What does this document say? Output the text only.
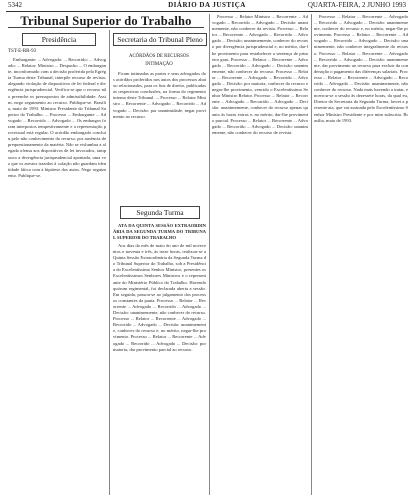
5342	DIÁRIO DA JUSTIÇA	QUARTA-FEIRA, 2 JUNHO 1993
Tribunal Superior do Trabalho
Presidência
TST-E-RR-93

Embargante: ... Advogado: ... Recorrido: ... Advogado: ... Relator: Ministro ... Despacho ... O embargante, inconformado com a decisão proferida pela Egrégia Turma deste Tribunal, interpõe recurso de revista, alegando violação de dispositivos de lei federal e divergência jurisprudencial. Verifica-se que o recurso não preenche os pressupostos de admissibilidade. Assim, nego seguimento ao recurso. Publique-se. Brasília, maio de 1993. Ministro Presidente do Tribunal Superior do Trabalho. ... Processo ... Embargante ... Advogado ... Recorrido ... Advogado ... Os embargos foram interpostos tempestivamente e a representação processual está regular. O acórdão embargado concluiu pelo não conhecimento do recurso, por ausência de prequestionamento da matéria. Não se vislumbra a alegada ofensa aos dispositivos de lei invocados, tampouco a divergência jurisprudencial apontada, uma vez que os arestos trazidos à colação não guardam identidade fática com a hipótese dos autos. Nego seguimento. Publique-se.

Secretaria do Tribunal Pleno
ACÓRDÃOS DE RECURSOS
INTIMAÇÃO

Ficam intimadas as partes e seus advogados dos acórdãos proferidos nos autos dos processos abaixo relacionados, para os fins de direito, publicadas as respectivas conclusões, na forma do regimento interno deste Tribunal. ... Processo ... Relator Ministro ... Recorrente ... Advogado ... Recorrido ... Advogado ... Decisão: por unanimidade, negar provimento ao recurso.

Segunda Turma

ATA DA QUINTA SESSÃO EXTRAORDINÁRIA DA SEGUNDA TURMA DO TRIBUNAL SUPERIOR DO TRABALHO

Aos dias do mês de maio do ano de mil novecentos e noventa e três, às treze horas, realizou-se a Quinta Sessão Extraordinária da Segunda Turma do Tribunal Superior do Trabalho, sob a Presidência do Excelentíssimo Senhor Ministro, presentes os Excelentíssimos Senhores Ministros e o representante do Ministério Público do Trabalho. Havendo quórum regimental, foi declarada aberta a sessão. Em seguida, passou-se ao julgamento dos processos constantes da pauta. Processo ... Relator ... Recorrente ... Advogado ... Recorrido ... Advogado ... Decisão: unanimemente, não conhecer do recurso. Processo ... Relator ... Recorrente ... Advogado ... Recorrido ... Advogado ... Decisão: unanimemente, conhecer do recurso e, no mérito, negar-lhe provimento. Processo ... Relator ... Recorrente ... Advogado ... Recorrido ... Advogado ... Decisão: por maioria, dar provimento parcial ao recurso.

Processo ... Relator Ministro ... Recorrente ... Advogado ... Recorrido ... Advogado ... Decisão: unanimemente, não conhecer da revista. Processo ... Relator ... Recorrente ... Advogado ... Recorrido ... Advogado ... Decisão: unanimemente, conhecer do recurso por divergência jurisprudencial e, no mérito, dar-lhe provimento para restabelecer a sentença de primeiro grau. Processo ... Relator ... Recorrente ... Advogado ... Recorrido ... Advogado ... Decisão: unanimemente, não conhecer do recurso. Processo ... Relator ... Recorrente ... Advogado ... Recorrido ... Advogado ... Decisão: por maioria, conhecer do recurso e negar-lhe provimento, vencido o Excelentíssimo Senhor Ministro Relator. Processo ... Relator ... Recorrente ... Advogado ... Recorrido ... Advogado ... Decisão: unanimemente, conhecer do recurso apenas quanto às horas extras e, no mérito, dar-lhe provimento parcial. Processo ... Relator ... Recorrente ... Advogado ... Recorrido ... Advogado ... Decisão: unanimemente, não conhecer do recurso de revista.

Processo ... Relator ... Recorrente ... Advogado ... Recorrido ... Advogado ... Decisão: unanimemente, conhecer do recurso e, no mérito, negar-lhe provimento. Processo ... Relator ... Recorrente ... Advogado ... Recorrido ... Advogado ... Decisão: unanimemente, não conhecer integralmente do recurso. Processo ... Relator ... Recorrente ... Advogado ... Recorrido ... Advogado ... Decisão: unanimemente, dar provimento ao recurso para excluir da condenação o pagamento das diferenças salariais. Processo ... Relator ... Recorrente ... Advogado ... Recorrido ... Advogado ... Decisão: unanimemente, não conhecer do recurso. Nada mais havendo a tratar, encerrou-se a sessão às dezessete horas, da qual eu, Diretor da Secretaria da Segunda Turma, lavrei a presente ata, que vai assinada pelo Excelentíssimo Senhor Ministro Presidente e por mim subscrita. Brasília, maio de 1993.
